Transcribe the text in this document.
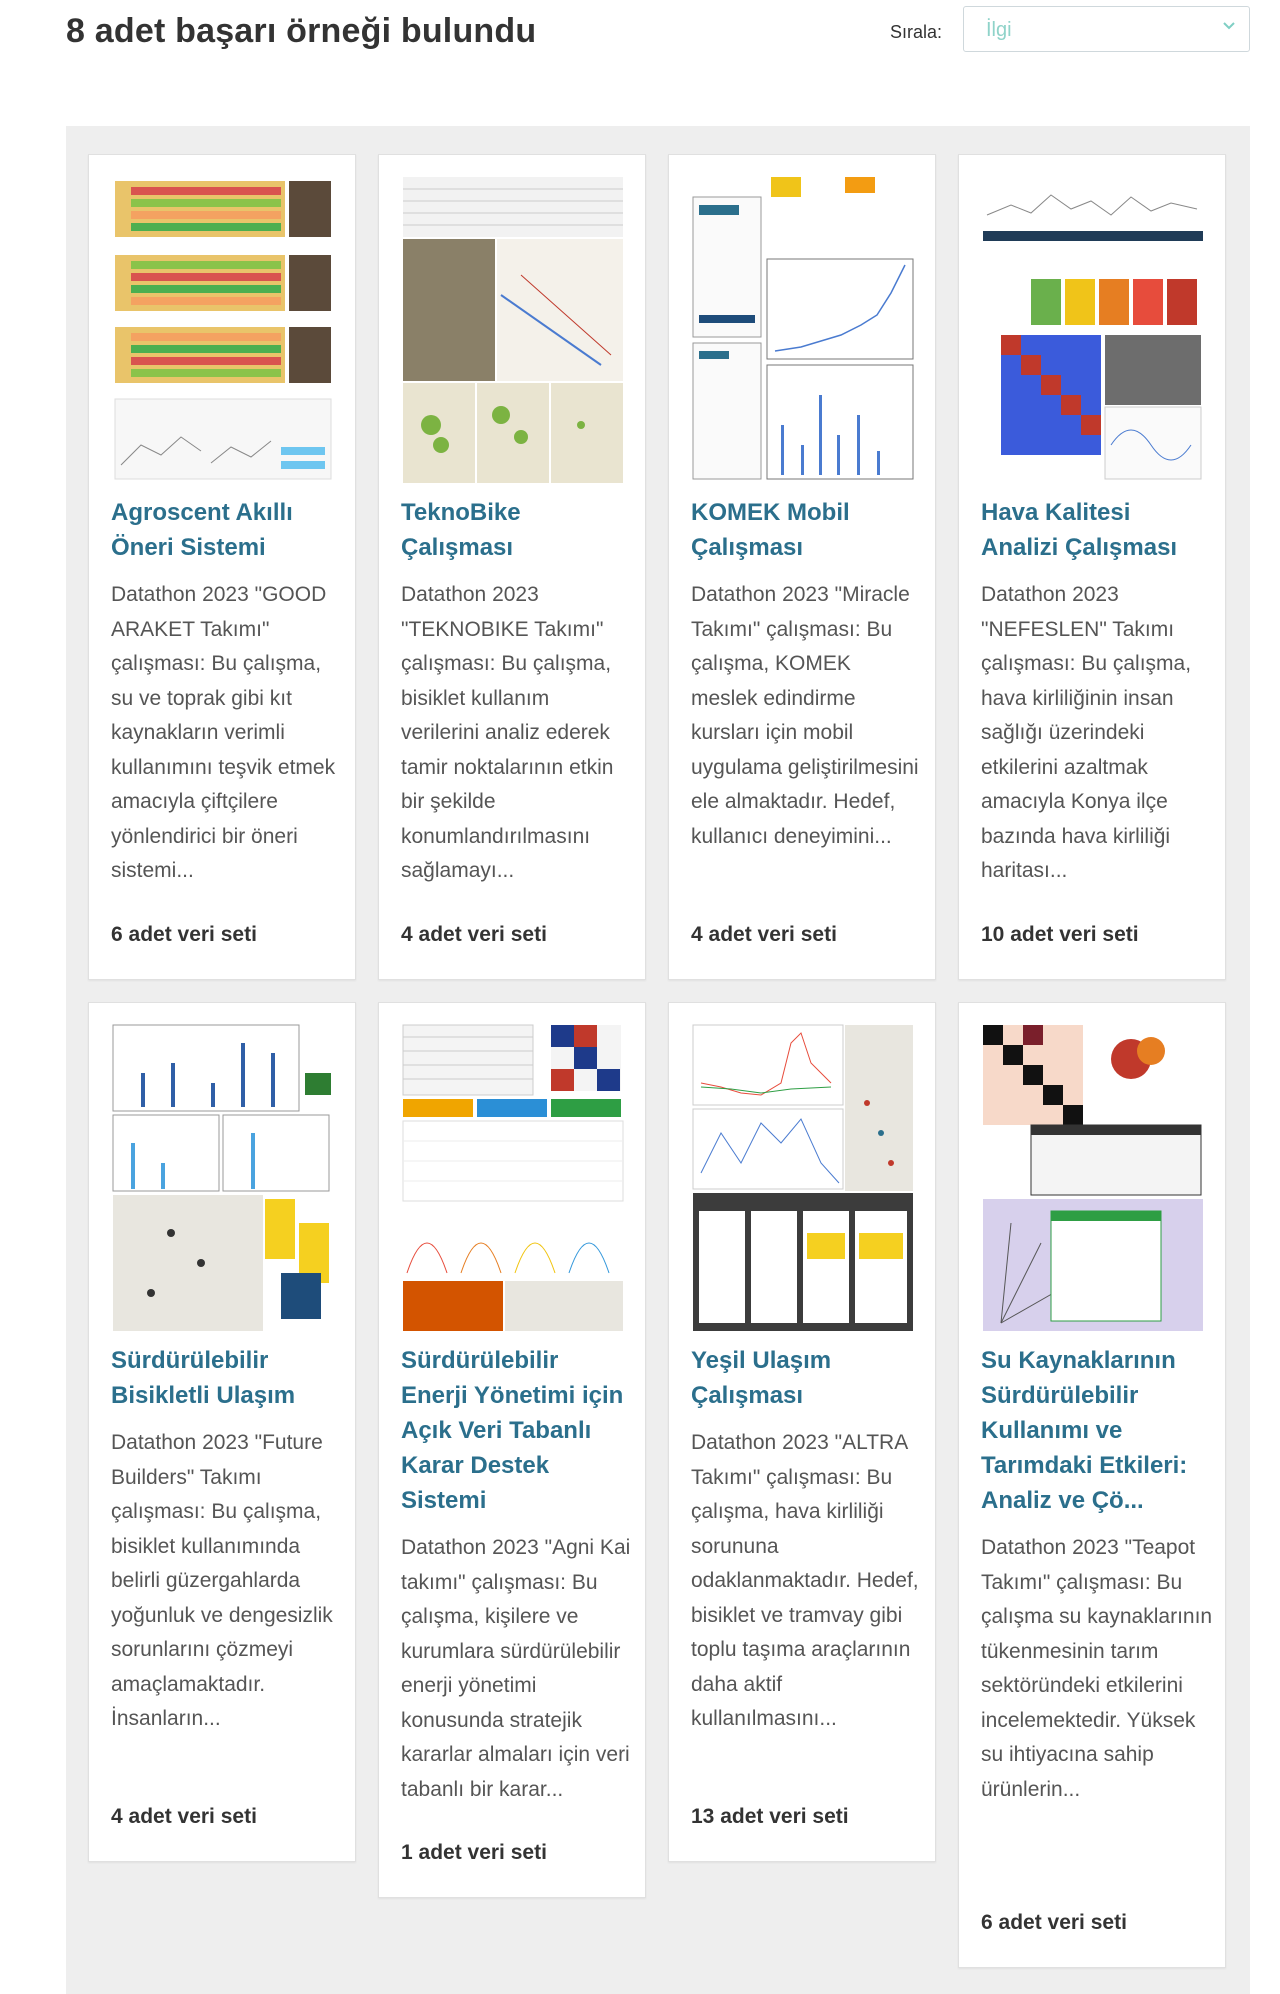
8 adet başarı örneği bulundu	Sırala: İlgi
Agroscent Akıllı Öneri Sistemi
Datathon 2023 "GOOD ARAKET Takımı" çalışması: Bu çalışma, su ve toprak gibi kıt kaynakların verimli kullanımını teşvik etmek amacıyla çiftçilere yönlendirici bir öneri sistemi...
6 adet veri seti
TeknoBike Çalışması
Datathon 2023 "TEKNOBIKE Takımı" çalışması: Bu çalışma, bisiklet kullanım verilerini analiz ederek tamir noktalarının etkin bir şekilde konumlandırılmasını sağlamayı...
4 adet veri seti
KOMEK Mobil Çalışması
Datathon 2023 "Miracle Takımı" çalışması: Bu çalışma, KOMEK meslek edindirme kursları için mobil uygulama geliştirilmesini ele almaktadır. Hedef, kullanıcı deneyimini...
4 adet veri seti
Hava Kalitesi Analizi Çalışması
Datathon 2023 "NEFESLEN" Takımı çalışması: Bu çalışma, hava kirliliğinin insan sağlığı üzerindeki etkilerini azaltmak amacıyla Konya ilçe bazında hava kirliliği haritası...
10 adet veri seti
Sürdürülebilir Bisikletli Ulaşım
Datathon 2023 "Future Builders" Takımı çalışması: Bu çalışma, bisiklet kullanımında belirli güzergahlarda yoğunluk ve dengesizlik sorunlarını çözmeyi amaçlamaktadır. İnsanların...
4 adet veri seti
Sürdürülebilir Enerji Yönetimi için Açık Veri Tabanlı Karar Destek Sistemi
Datathon 2023 "Agni Kai takımı" çalışması: Bu çalışma, kişilere ve kurumlara sürdürülebilir enerji yönetimi konusunda stratejik kararlar almaları için veri tabanlı bir karar...
1 adet veri seti
Yeşil Ulaşım Çalışması
Datathon 2023 "ALTRA Takımı" çalışması: Bu çalışma, hava kirliliği sorununa odaklanmaktadır. Hedef, bisiklet ve tramvay gibi toplu taşıma araçlarının daha aktif kullanılmasını...
13 adet veri seti
Su Kaynaklarının Sürdürülebilir Kullanımı ve Tarımdaki Etkileri: Analiz ve Çö...
Datathon 2023 "Teapot Takımı" çalışması: Bu çalışma su kaynaklarının tükenmesinin tarım sektöründeki etkilerini incelemektedir. Yüksek su ihtiyacına sahip ürünlerin...
6 adet veri seti
